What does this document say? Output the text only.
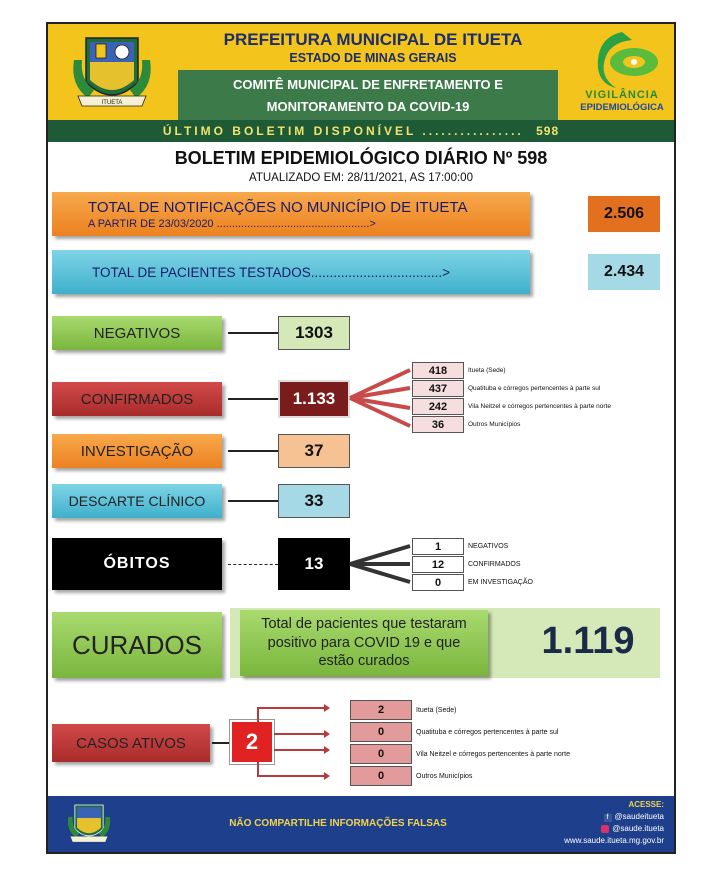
ITUETA
PREFEITURA MUNICIPAL DE ITUETA
ESTADO DE MINAS GERAIS
COMITÊ MUNICIPAL DE ENFRETAMENTO E
MONITORAMENTO DA COVID-19
VIGILÂNCIA
EPIDEMIOLÓGICA
ÚLTIMO BOLETIM DISPONÍVEL ................ 598
BOLETIM EPIDEMIOLÓGICO DIÁRIO Nº 598
ATUALIZADO EM: 28/11/2021, AS 17:00:00
TOTAL DE NOTIFICAÇÕES NO MUNICÍPIO DE ITUETA
A PARTIR DE 23/03/2020 ..................................................>
2.506
TOTAL DE PACIENTES TESTADOS...................................>	2.434
NEGATIVOS	1303
CONFIRMADOS	1.133
418	Itueta (Sede)
437	Quatituba e córregos pertencentes à parte sul
242	Vila Neitzel e córregos pertencentes à parte norte
36	Outros Municípios
INVESTIGAÇÃO	37
DESCARTE CLÍNICO	33
ÓBITOS	13
1	NEGATIVOS
12	CONFIRMADOS
0	EM INVESTIGAÇÃO
CURADOS
Total de pacientes que testaram positivo para COVID 19 e que estão curados	1.119
CASOS ATIVOS	2
2	Itueta (Sede)
0	Quatituba e córregos pertencentes à parte sul
0	Vila Neitzel e córregos pertencentes à parte norte
0	Outros Municípios
NÃO COMPARTILHE INFORMAÇÕES FALSAS
ACESSE:
f @saudeitueta
@saude.itueta
www.saude.itueta.mg.gov.br
